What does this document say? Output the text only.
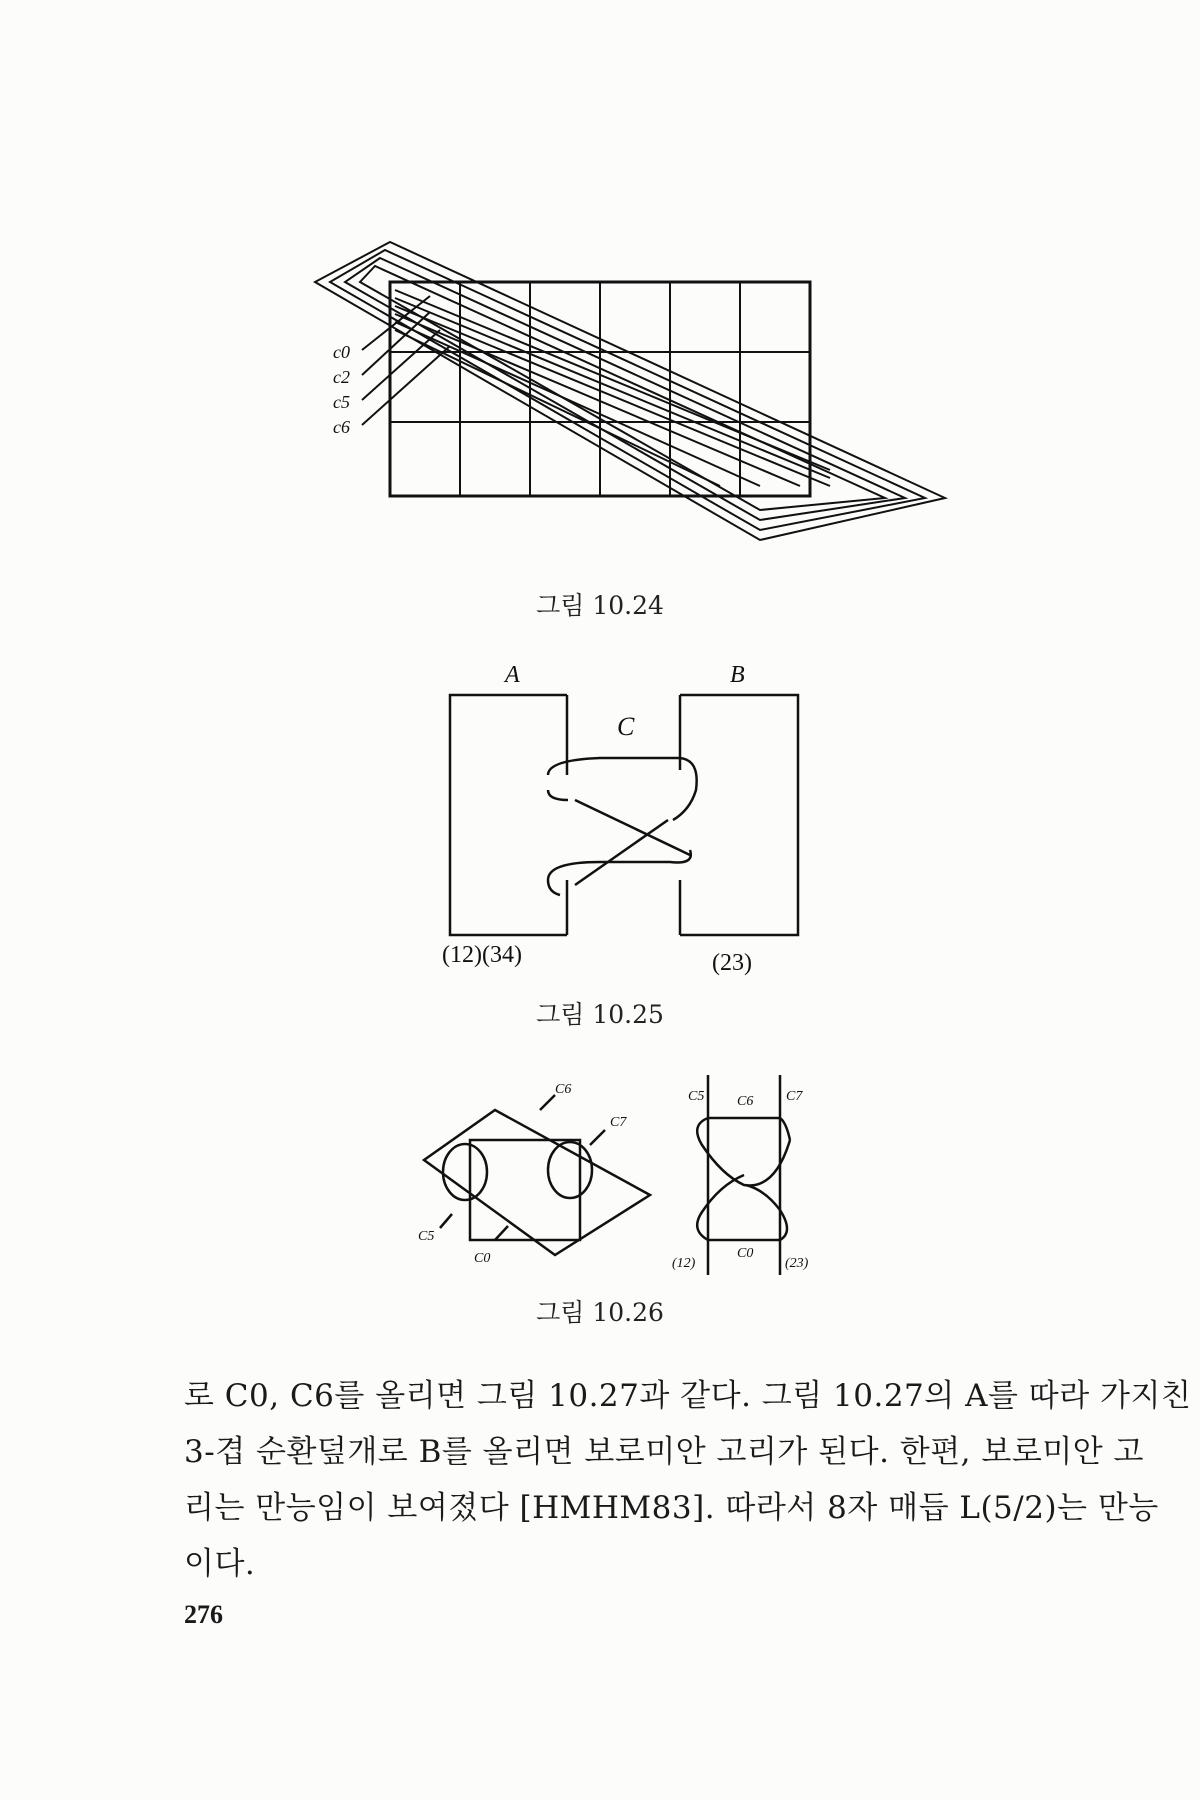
c0
c2
c5
c6
그림 10.24
A	B
C
(12)(34)	(23)
그림 10.25
C6
C7
C5
C0
C5 C6 C7
C0
(12)	(23)
그림 10.26
로 C0, C6를 올리면 그림 10.27과 같다. 그림 10.27의 A를 따라 가지친
3-겹 순환덮개로 B를 올리면 보로미안 고리가 된다. 한편, 보로미안 고
리는 만능임이 보여졌다 [HMHM83]. 따라서 8자 매듭 L(5/2)는 만능
이다.
276
